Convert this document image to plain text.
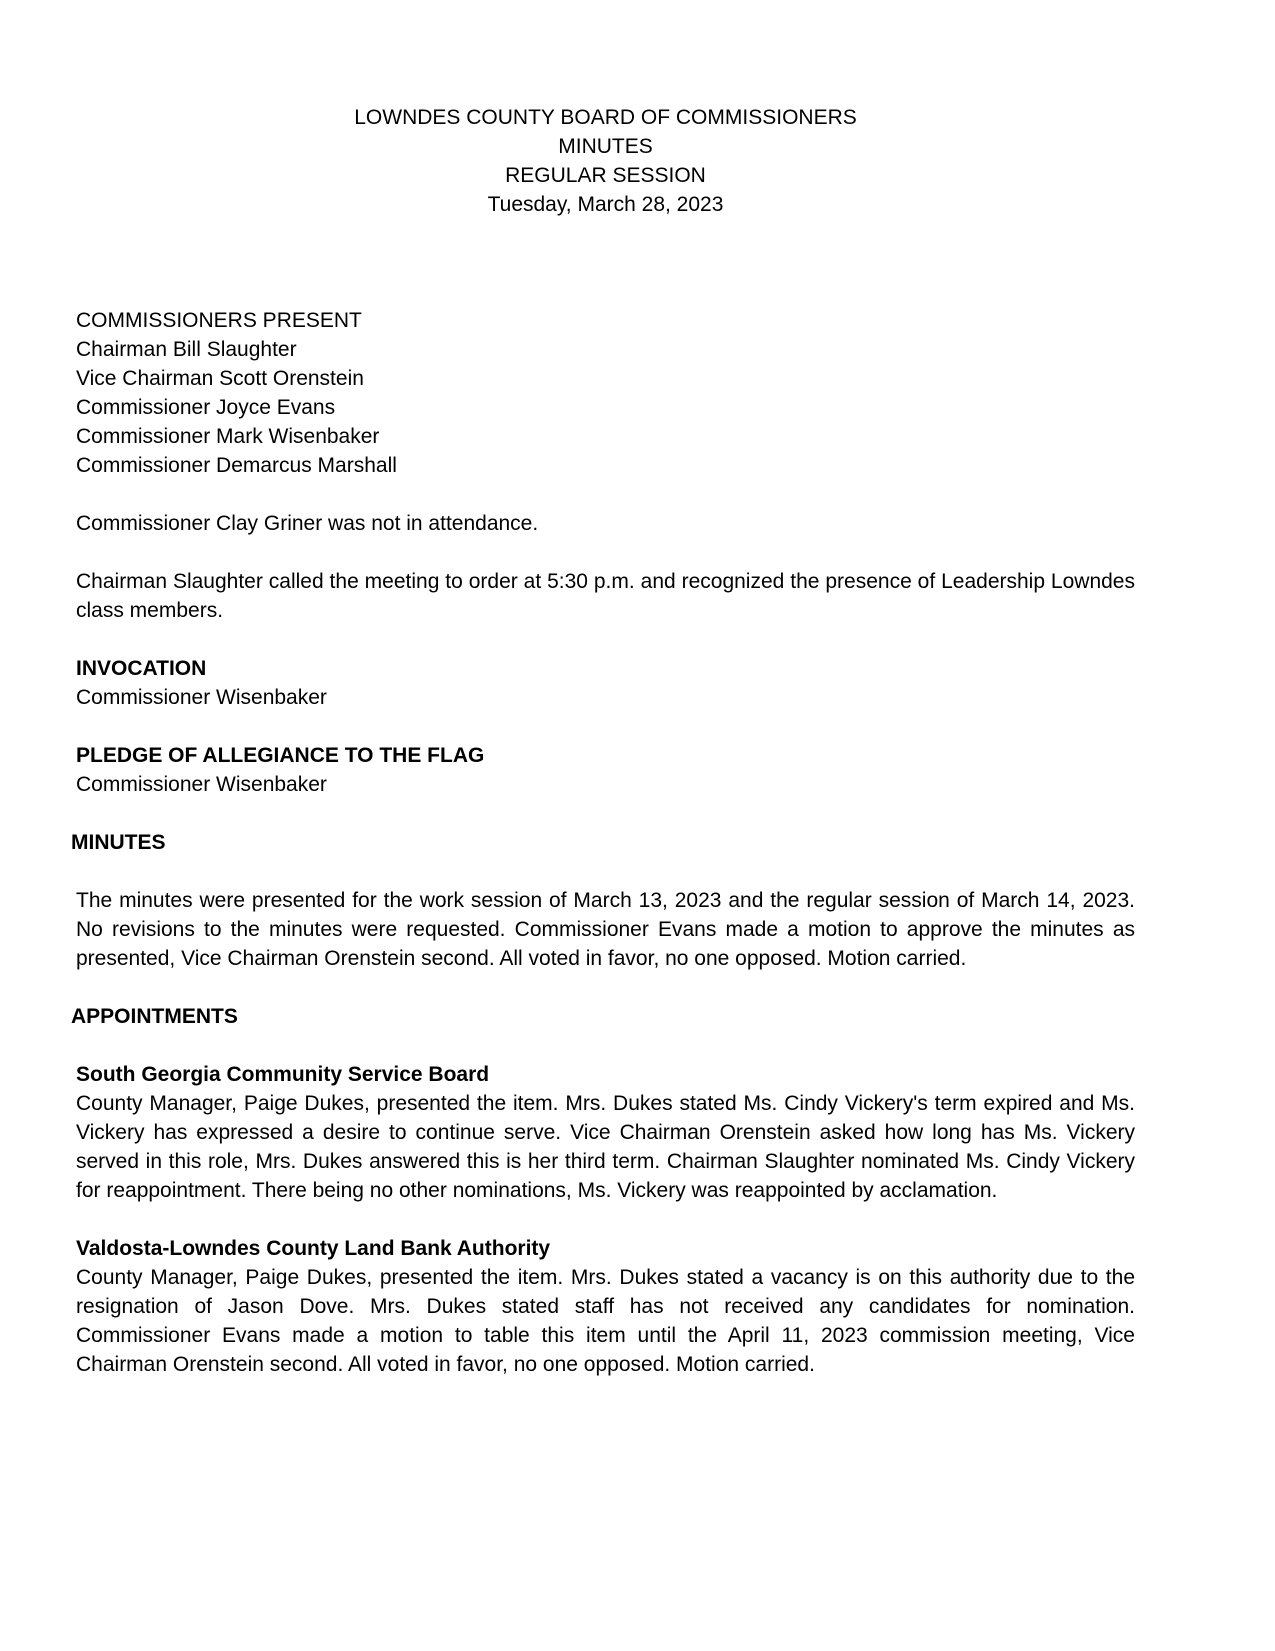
LOWNDES COUNTY BOARD OF COMMISSIONERS
MINUTES
REGULAR SESSION
Tuesday, March 28, 2023
COMMISSIONERS PRESENT
Chairman Bill Slaughter
Vice Chairman Scott Orenstein
Commissioner Joyce Evans
Commissioner Mark Wisenbaker
Commissioner Demarcus Marshall

Commissioner Clay Griner was not in attendance.

Chairman Slaughter called the meeting to order at 5:30 p.m. and recognized the presence of Leadership Lowndes class members.

INVOCATION
Commissioner Wisenbaker
PLEDGE OF ALLEGIANCE TO THE FLAG
Commissioner Wisenbaker
MINUTES

The minutes were presented for the work session of March 13, 2023 and the regular session of March 14, 2023. No revisions to the minutes were requested. Commissioner Evans made a motion to approve the minutes as presented, Vice Chairman Orenstein second. All voted in favor, no one opposed. Motion carried.

APPOINTMENTS
South Georgia Community Service Board

County Manager, Paige Dukes, presented the item. Mrs. Dukes stated Ms. Cindy Vickery's term expired and Ms. Vickery has expressed a desire to continue serve. Vice Chairman Orenstein asked how long has Ms. Vickery served in this role, Mrs. Dukes answered this is her third term. Chairman Slaughter nominated Ms. Cindy Vickery for reappointment. There being no other nominations, Ms. Vickery was reappointed by acclamation.

Valdosta-Lowndes County Land Bank Authority

County Manager, Paige Dukes, presented the item. Mrs. Dukes stated a vacancy is on this authority due to the resignation of Jason Dove. Mrs. Dukes stated staff has not received any candidates for nomination. Commissioner Evans made a motion to table this item until the April 11, 2023 commission meeting, Vice Chairman Orenstein second. All voted in favor, no one opposed. Motion carried.
